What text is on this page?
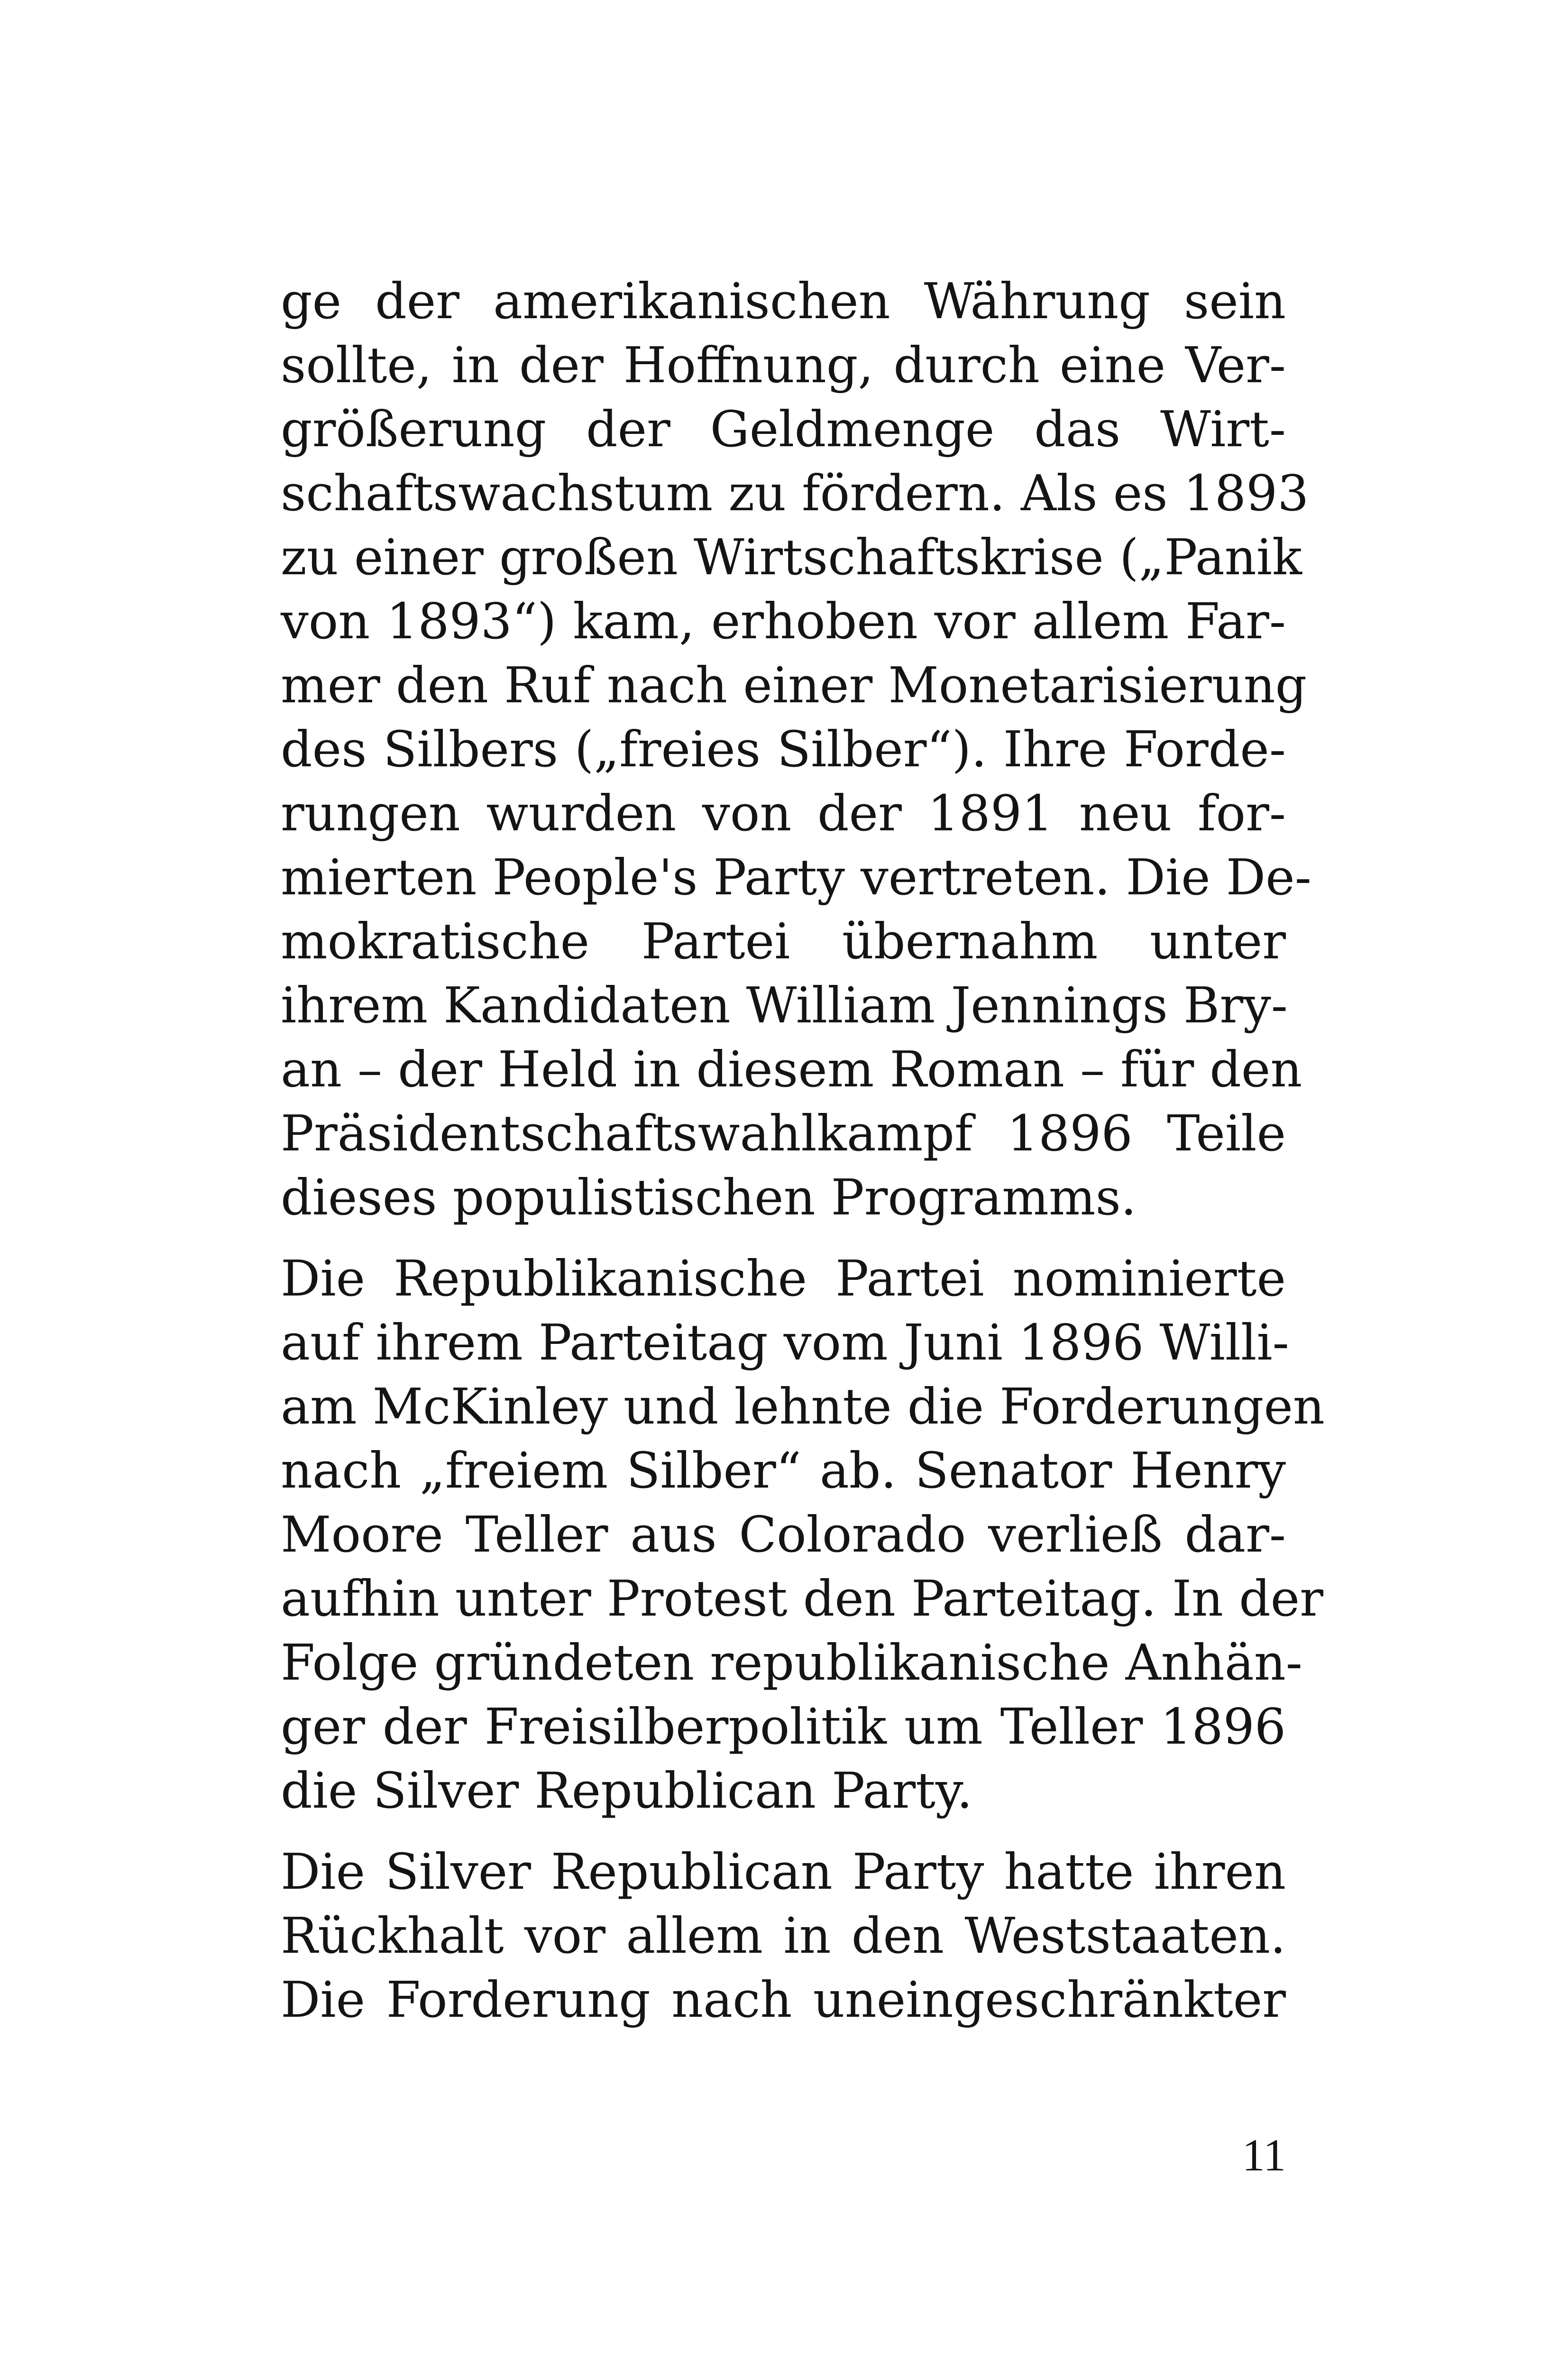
ge der amerikanischen Währung sein
sollte, in der Hoffnung, durch eine Ver-
größerung der Geldmenge das Wirt-
schaftswachstum zu fördern. Als es 1893
zu einer großen Wirtschaftskrise („Panik
von 1893“) kam, erhoben vor allem Far-
mer den Ruf nach einer Monetarisierung
des Silbers („freies Silber“). Ihre Forde-
rungen wurden von der 1891 neu for-
mierten People's Party vertreten. Die De-
mokratische Partei übernahm unter
ihrem Kandidaten William Jennings Bry-
an – der Held in diesem Roman – für den
Präsidentschaftswahlkampf 1896 Teile
dieses populistischen Programms.
Die Republikanische Partei nominierte
auf ihrem Parteitag vom Juni 1896 Willi-
am McKinley und lehnte die Forderungen
nach „freiem Silber“ ab. Senator Henry
Moore Teller aus Colorado verließ dar-
aufhin unter Protest den Parteitag. In der
Folge gründeten republikanische Anhän-
ger der Freisilberpolitik um Teller 1896
die Silver Republican Party.
Die Silver Republican Party hatte ihren
Rückhalt vor allem in den Weststaaten.
Die Forderung nach uneingeschränkter
11
